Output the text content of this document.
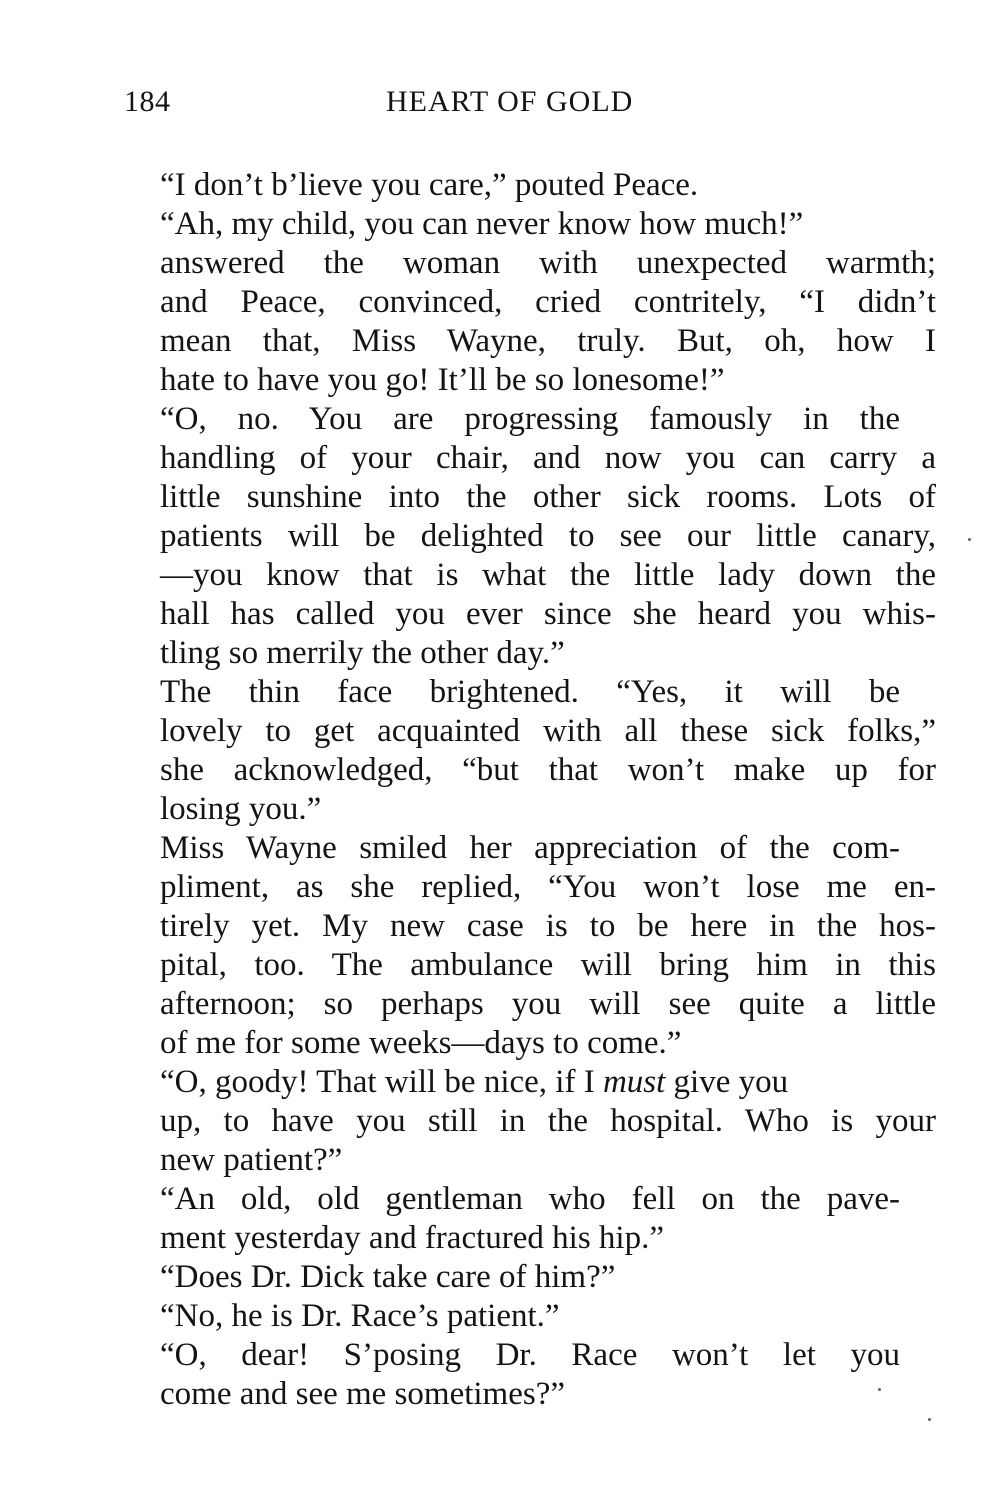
184	HEART OF GOLD

“I don’t b’lieve you care,” pouted Peace.

“Ah, my child, you can never know how much!”
answered the woman with unexpected warmth;
and Peace, convinced, cried contritely, “I didn’t
mean that, Miss Wayne, truly. But, oh, how I
hate to have you go! It’ll be so lonesome!”

“O, no. You are progressing famously in the
handling of your chair, and now you can carry a
little sunshine into the other sick rooms. Lots of
patients will be delighted to see our little canary,
—you know that is what the little lady down the
hall has called you ever since she heard you whis-
tling so merrily the other day.”

The thin face brightened. “Yes, it will be
lovely to get acquainted with all these sick folks,”
she acknowledged, “but that won’t make up for
losing you.”

Miss Wayne smiled her appreciation of the com-
pliment, as she replied, “You won’t lose me en-
tirely yet. My new case is to be here in the hos-
pital, too. The ambulance will bring him in this
afternoon; so perhaps you will see quite a little
of me for some weeks—days to come.”

“O, goody! That will be nice, if I must give you
up, to have you still in the hospital. Who is your
new patient?”

“An old, old gentleman who fell on the pave-
ment yesterday and fractured his hip.”

“Does Dr. Dick take care of him?”

“No, he is Dr. Race’s patient.”

“O, dear! S’posing Dr. Race won’t let you
come and see me sometimes?”
